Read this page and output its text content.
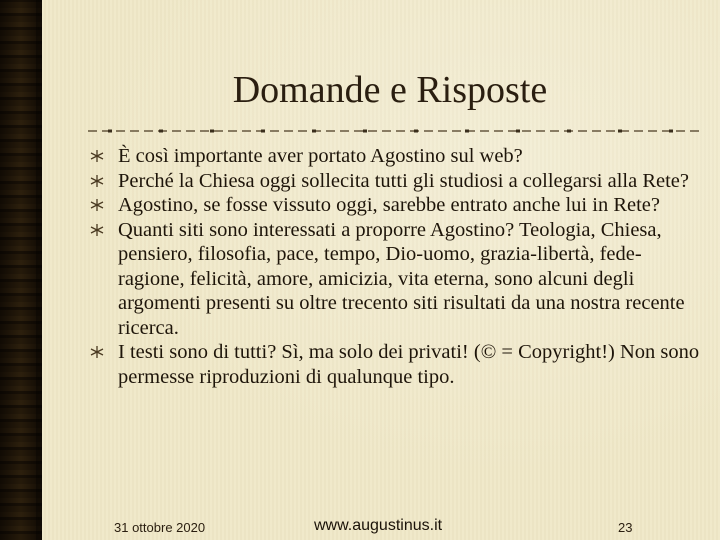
Domande e Risposte
È così importante aver portato Agostino sul web?
Perché la Chiesa oggi sollecita tutti gli studiosi a collegarsi alla Rete?
Agostino, se fosse vissuto oggi, sarebbe entrato anche lui in Rete?
Quanti siti sono interessati a proporre Agostino? Teologia, Chiesa, pensiero, filosofia, pace, tempo, Dio-uomo, grazia-libertà, fede-ragione, felicità, amore, amicizia, vita eterna, sono alcuni degli argomenti presenti su oltre trecento siti risultati da una nostra recente ricerca.
I testi sono di tutti? Sì, ma solo dei privati! (© = Copyright!) Non sono permesse riproduzioni di qualunque tipo.
31 ottobre 2020	www.augustinus.it	23
